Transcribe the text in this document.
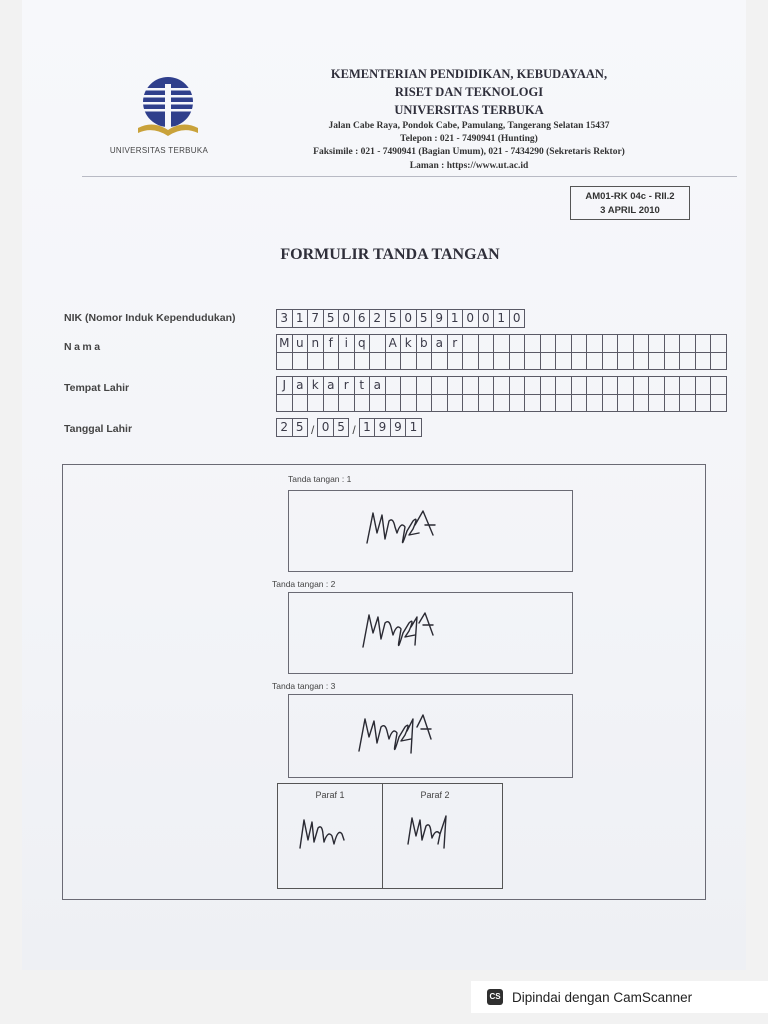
UNIVERSITAS TERBUKA
KEMENTERIAN PENDIDIKAN, KEBUDAYAAN,
RISET DAN TEKNOLOGI
UNIVERSITAS TERBUKA
Jalan Cabe Raya, Pondok Cabe, Pamulang, Tangerang Selatan 15437
Telepon : 021 - 7490941 (Hunting)
Faksimile : 021 - 7490941 (Bagian Umum), 021 - 7434290 (Sekretaris Rektor)
Laman : https://www.ut.ac.id
AM01-RK 04c - RII.2
3 APRIL 2010
FORMULIR TANDA TANGAN
NIK (Nomor Induk Kependudukan)
Nama
Tempat Lahir
Tanggal Lahir
3 1 7 5 0 6 2 5 0 5 9 1 0 0 1 0
M u n f i q	A k b a r
J a k a r t a
2 5 / 0 5 / 1 9 9 1
Tanda tangan : 1
Tanda tangan : 2
Tanda tangan : 3
Paraf 1	Paraf 2
CS Dipindai dengan CamScanner
